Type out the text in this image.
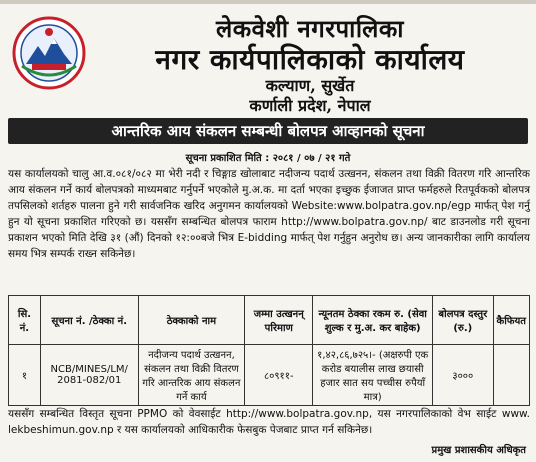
लेकवेशी नगरपालिका
नगर कार्यपालिकाको कार्यालय
कल्याण, सुर्खेत
कर्णाली प्रदेश, नेपाल
आन्तरिक आय संकलन सम्बन्धी बोलपत्र आव्हानको सूचना
सूचना प्रकाशित मिति : २०८१ / ०७ / २१ गते
यस कार्यालयको चालु आ.व.०८१/०८२ मा भेरी नदी र चिङ्गाड खोलाबाट नदीजन्य पदार्थ उत्खनन, संकलन तथा विक्री वितरण गरि आन्तरिक आय संकलन गर्ने कार्य बोलपत्रको माध्यमबाट गर्नुपर्ने भएकोले मु.अ.क. मा दर्ता भएका इच्छुक ईजाजत प्राप्त फर्महरुले रितपूर्वकको बोलपत्र तपसिलको शर्तहरु पालना हुने गरी सार्वजनिक खरिद अनुगमन कार्यालयको Website:www.bolpatra.gov.np/egp मार्फत् पेश गर्नु हुन यो सूचना प्रकाशित गरिएको छ। यससँग सम्बन्धित बोलपत्र फाराम http://www.bolpatra.gov.np/ बाट डाउनलोड गरी सूचना प्रकाशन भएको मिति देखि ३१ (औं) दिनको १२:००बजे भित्र E-bidding मार्फत् पेश गर्नुहुन अनुरोध छ। अन्य जानकारीका लागि कार्यालय समय भित्र सम्पर्क राख्न सकिनेछ।
सि. नं.	सूचना नं. /ठेक्का नं.	ठेक्काको नाम	जम्मा उत्खनन् परिमाण	न्यूनतम ठेक्का रकम रु. (सेवा शुल्क र मु.अ. कर बाहेक)	बोलपत्र दस्तुर (रु.)	कैफियत
१	NCB/MINES/LM/ 2081-082/01	नदीजन्य पदार्थ उत्खनन, संकलन तथा विक्री वितरण गरि आन्तरिक आय संकलन गर्ने कार्य	८०९११-	१,४२,८६,७२५।- (अक्षरुपी एक करोड बयालीस लाख छयासी हजार सात सय पच्चीस रुपैयाँ मात्र)	३०००	
यससँग सम्बन्धित विस्तृत सूचना PPMO को वेवसाईट http://www.bolpatra.gov.np, यस नगरपालिकाको वेभ साईट www. lekbeshimun.gov.np र यस कार्यालयको आधिकारीक फेसबुक पेजबाट प्राप्त गर्न सकिनेछ।
प्रमुख प्रशासकीय अधिकृत
